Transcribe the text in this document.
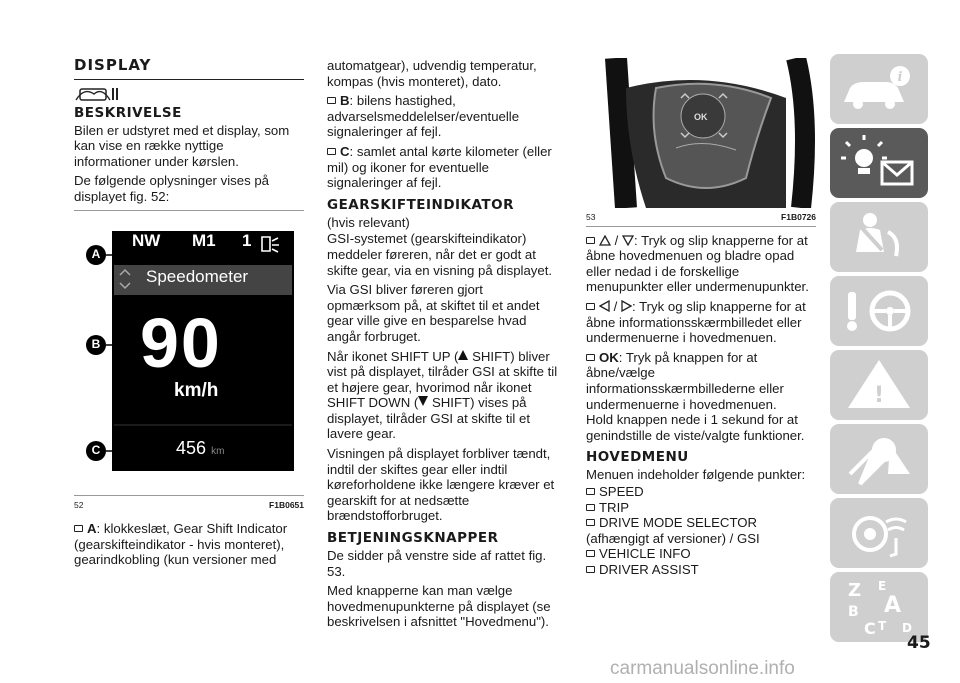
DISPLAY
BESKRIVELSE

Bilen er udstyret med et display, som kan vise en række nyttige informationer under kørslen.

De følgende oplysninger vises på displayet fig. 52:

A
B
C
NW M1 1
Speedometer
90
km/h
456 km
52	F1B0651

A: klokkeslæt, Gear Shift Indicator (gearskifteindikator - hvis monteret), gearindkobling (kun versioner med

automatgear), udvendig temperatur, kompas (hvis monteret), dato.

B: bilens hastighed, advarselsmeddelelser/eventuelle signaleringer af fejl.

C: samlet antal kørte kilometer (eller mil) og ikoner for eventuelle signaleringer af fejl.

GEARSKIFTEINDIKATOR

(hvis relevant)

GSI-systemet (gearskifteindikator) meddeler føreren, når det er godt at skifte gear, via en visning på displayet.

Via GSI bliver føreren gjort opmærksom på, at skiftet til et andet gear ville give en besparelse hvad angår forbruget.

Når ikonet SHIFT UP ( SHIFT) bliver vist på displayet, tilråder GSI at skifte til et højere gear, hvorimod når ikonet SHIFT DOWN ( SHIFT) vises på displayet, tilråder GSI at skifte til et lavere gear.

Visningen på displayet forbliver tændt, indtil der skiftes gear eller indtil køreforholdene ikke længere kræver et gearskift for at nedsætte brændstofforbruget.

BETJENINGSKNAPPER

De sidder på venstre side af rattet fig. 53.

Med knapperne kan man vælge hovedmenupunkterne på displayet (se beskrivelsen i afsnittet "Hovedmenu").

OK
53	F1B0726

/ : Tryk og slip knapperne for at åbne hovedmenuen og bladre opad eller nedad i de forskellige menupunkter eller undermenupunkter.

/ : Tryk og slip knapperne for at åbne informationsskærmbilledet eller undermenuerne i hovedmenuen.

OK: Tryk på knappen for at åbne/vælge informationsskærmbillederne eller undermenuerne i hovedmenuen.

Hold knappen nede i 1 sekund for at genindstille de viste/valgte funktioner.

HOVEDMENU

Menuen indeholder følgende punkter:

SPEED
TRIP
DRIVE MODE SELECTOR (afhængigt af versioner) / GSI
VEHICLE INFO
DRIVER ASSIST
i
!
Z E
A
B
C T D
45
carmanualsonline.info
